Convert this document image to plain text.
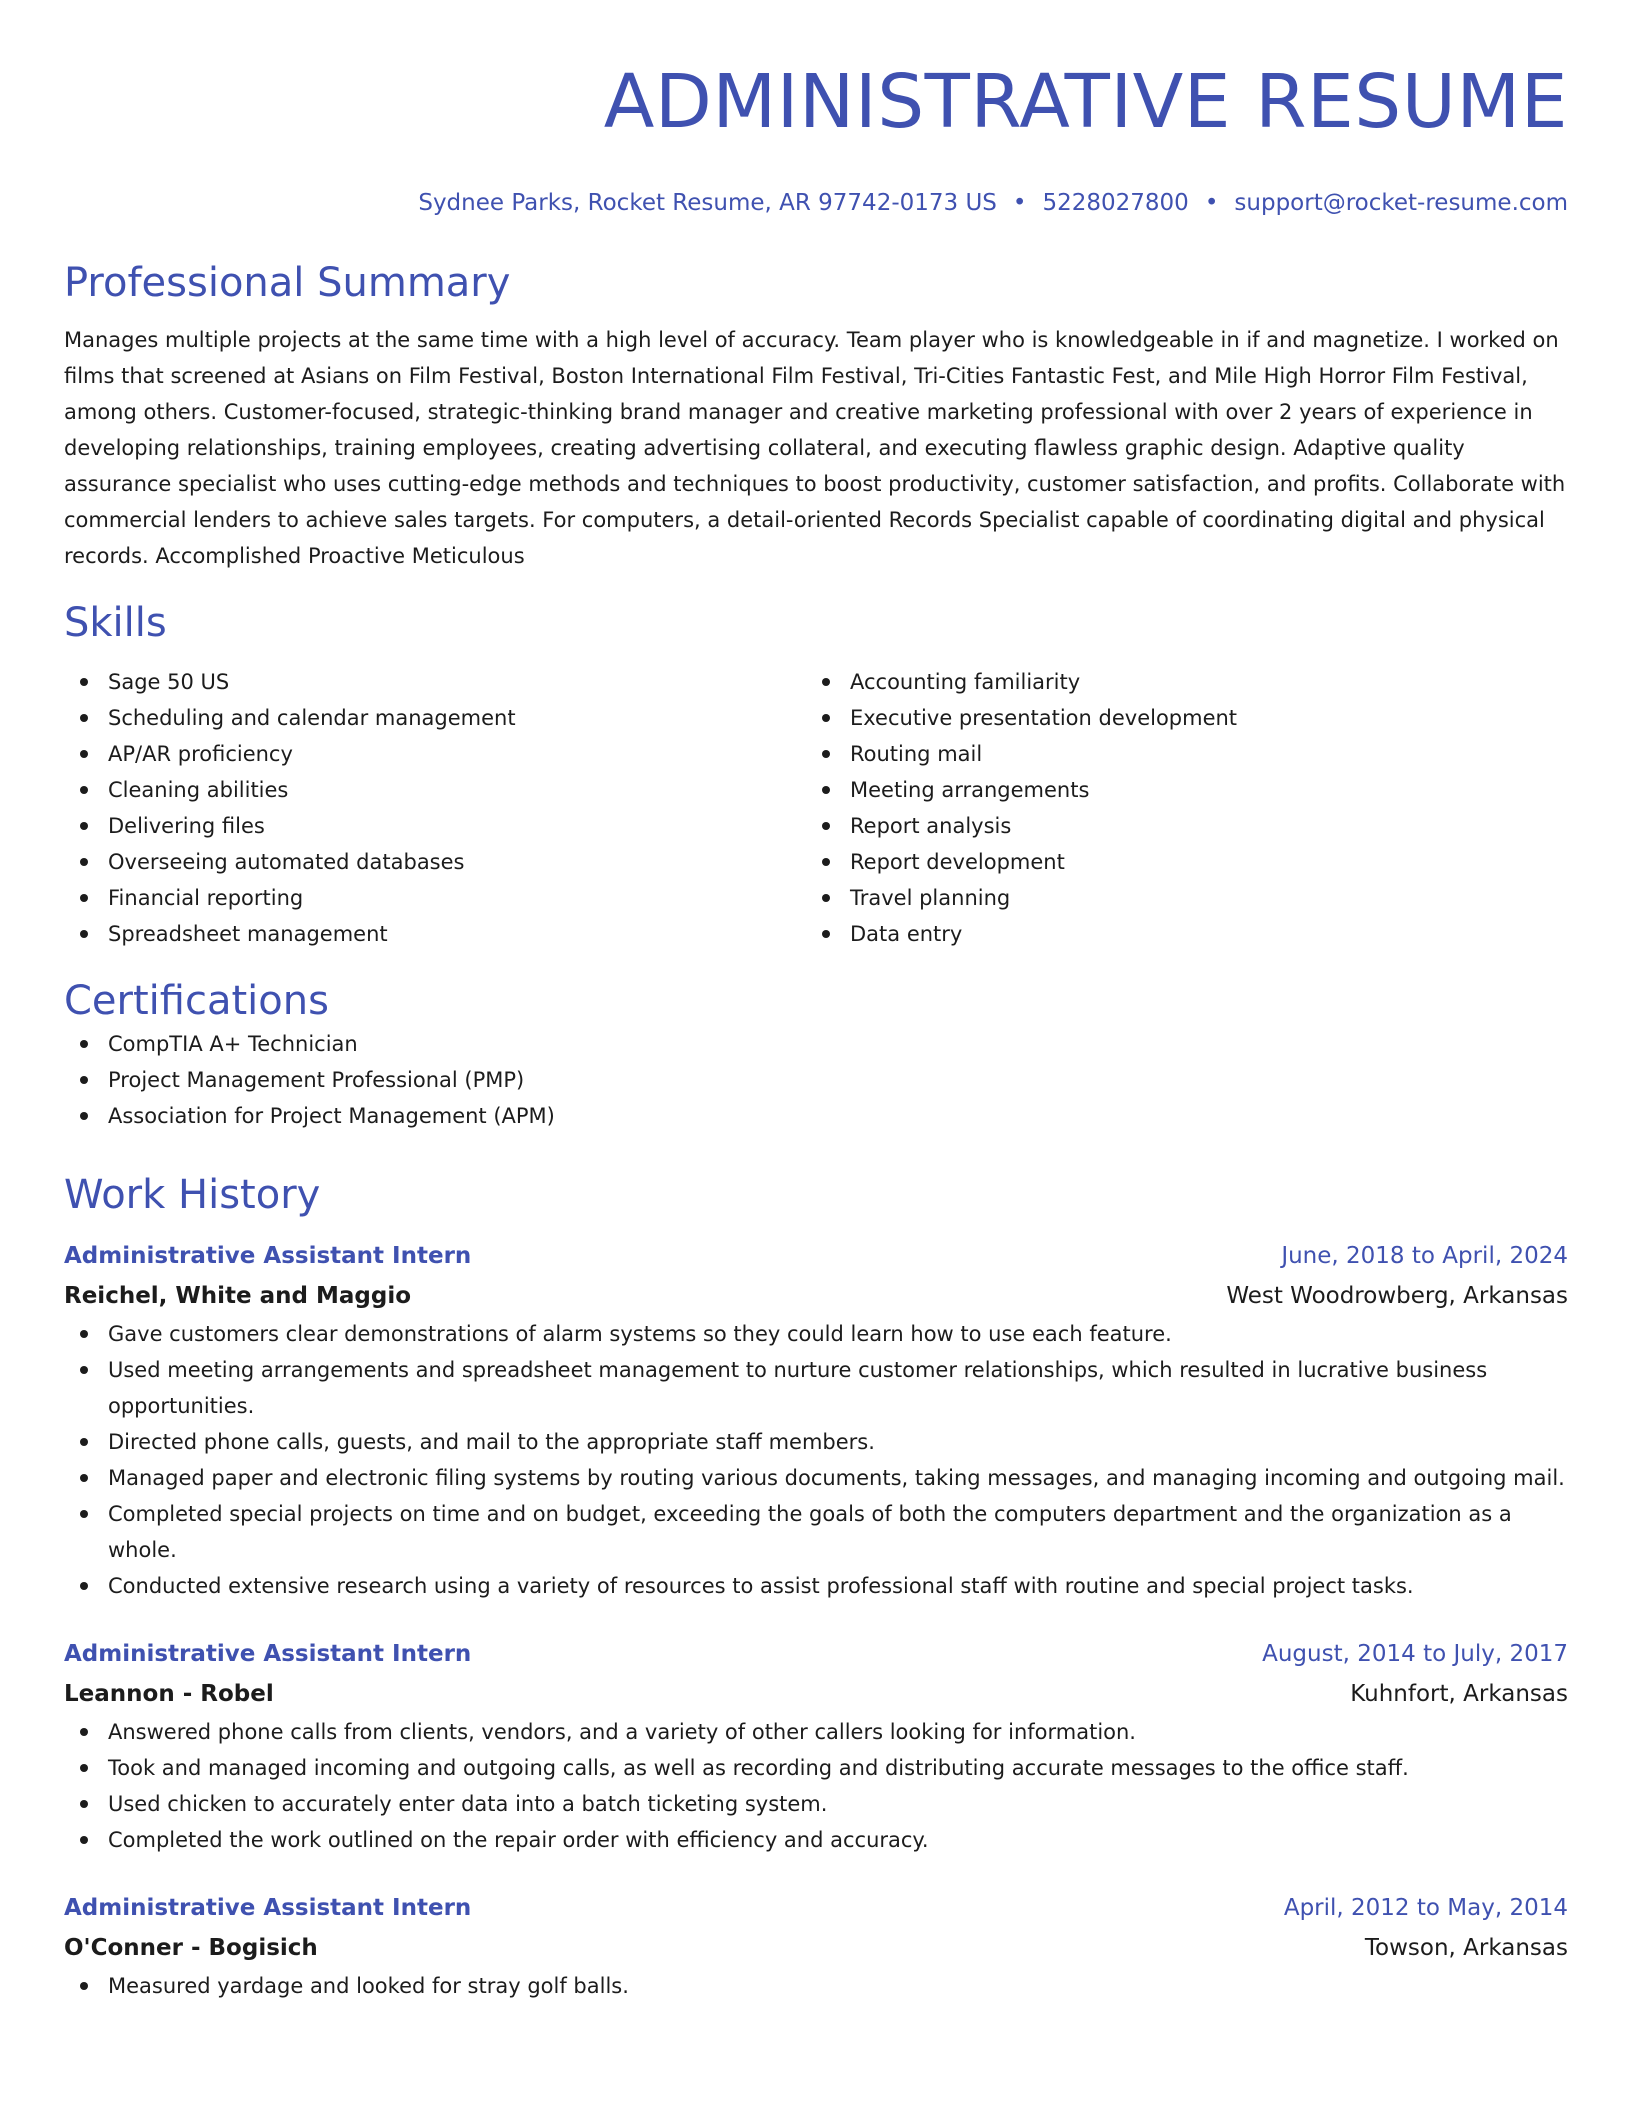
ADMINISTRATIVE RESUME
Sydnee Parks, Rocket Resume, AR 97742-0173 US • 5228027800 • support@rocket-resume.com
Professional Summary

Manages multiple projects at the same time with a high level of accuracy. Team player who is knowledgeable in if and magnetize. I worked on films that screened at Asians on Film Festival, Boston International Film Festival, Tri-Cities Fantastic Fest, and Mile High Horror Film Festival, among others. Customer-focused, strategic-thinking brand manager and creative marketing professional with over 2 years of experience in developing relationships, training employees, creating advertising collateral, and executing flawless graphic design. Adaptive quality assurance specialist who uses cutting-edge methods and techniques to boost productivity, customer satisfaction, and profits. Collaborate with commercial lenders to achieve sales targets. For computers, a detail-oriented Records Specialist capable of coordinating digital and physical records. Accomplished Proactive Meticulous

Skills
Sage 50 US
Scheduling and calendar management
AP/AR proficiency
Cleaning abilities
Delivering files
Overseeing automated databases
Financial reporting
Spreadsheet management
Accounting familiarity
Executive presentation development
Routing mail
Meeting arrangements
Report analysis
Report development
Travel planning
Data entry
Certifications
CompTIA A+ Technician
Project Management Professional (PMP)
Association for Project Management (APM)
Work History
Administrative Assistant Intern	June, 2018 to April, 2024
Reichel, White and Maggio	West Woodrowberg, Arkansas
Gave customers clear demonstrations of alarm systems so they could learn how to use each feature.
Used meeting arrangements and spreadsheet management to nurture customer relationships, which resulted in lucrative business opportunities.
Directed phone calls, guests, and mail to the appropriate staff members.
Managed paper and electronic filing systems by routing various documents, taking messages, and managing incoming and outgoing mail.
Completed special projects on time and on budget, exceeding the goals of both the computers department and the organization as a whole.
Conducted extensive research using a variety of resources to assist professional staff with routine and special project tasks.
Administrative Assistant Intern	August, 2014 to July, 2017
Leannon - Robel	Kuhnfort, Arkansas
Answered phone calls from clients, vendors, and a variety of other callers looking for information.
Took and managed incoming and outgoing calls, as well as recording and distributing accurate messages to the office staff.
Used chicken to accurately enter data into a batch ticketing system.
Completed the work outlined on the repair order with efficiency and accuracy.
Administrative Assistant Intern	April, 2012 to May, 2014
O'Conner - Bogisich	Towson, Arkansas
Measured yardage and looked for stray golf balls.
